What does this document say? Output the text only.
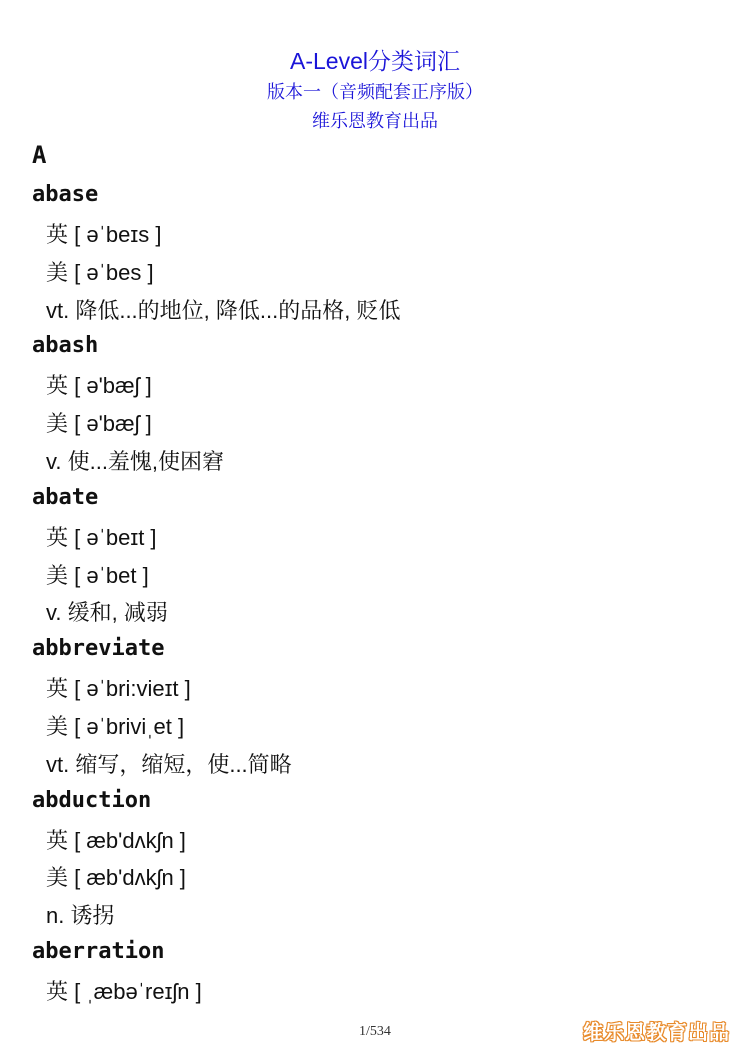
A-Level分类词汇
版本一（音频配套正序版）
维乐恩教育出品
A
abase
英 [ əˈbeɪs ]
美 [ əˈbes ]
vt. 降低...的地位, 降低...的品格, 贬低
abash
英 [ ə'bæʃ ]
美 [ ə'bæʃ ]
v. 使...羞愧,使困窘
abate
英 [ əˈbeɪt ]
美 [ əˈbet ]
v. 缓和, 减弱
abbreviate
英 [ əˈbri:vieɪt ]
美 [ əˈbriviˌet ]
vt. 缩写，缩短，使...简略
abduction
英 [ æb'dʌkʃn ]
美 [ æb'dʌkʃn ]
n. 诱拐
aberration
英 [ ˌæbəˈreɪʃn ]
1/534	维乐恩教育出品
